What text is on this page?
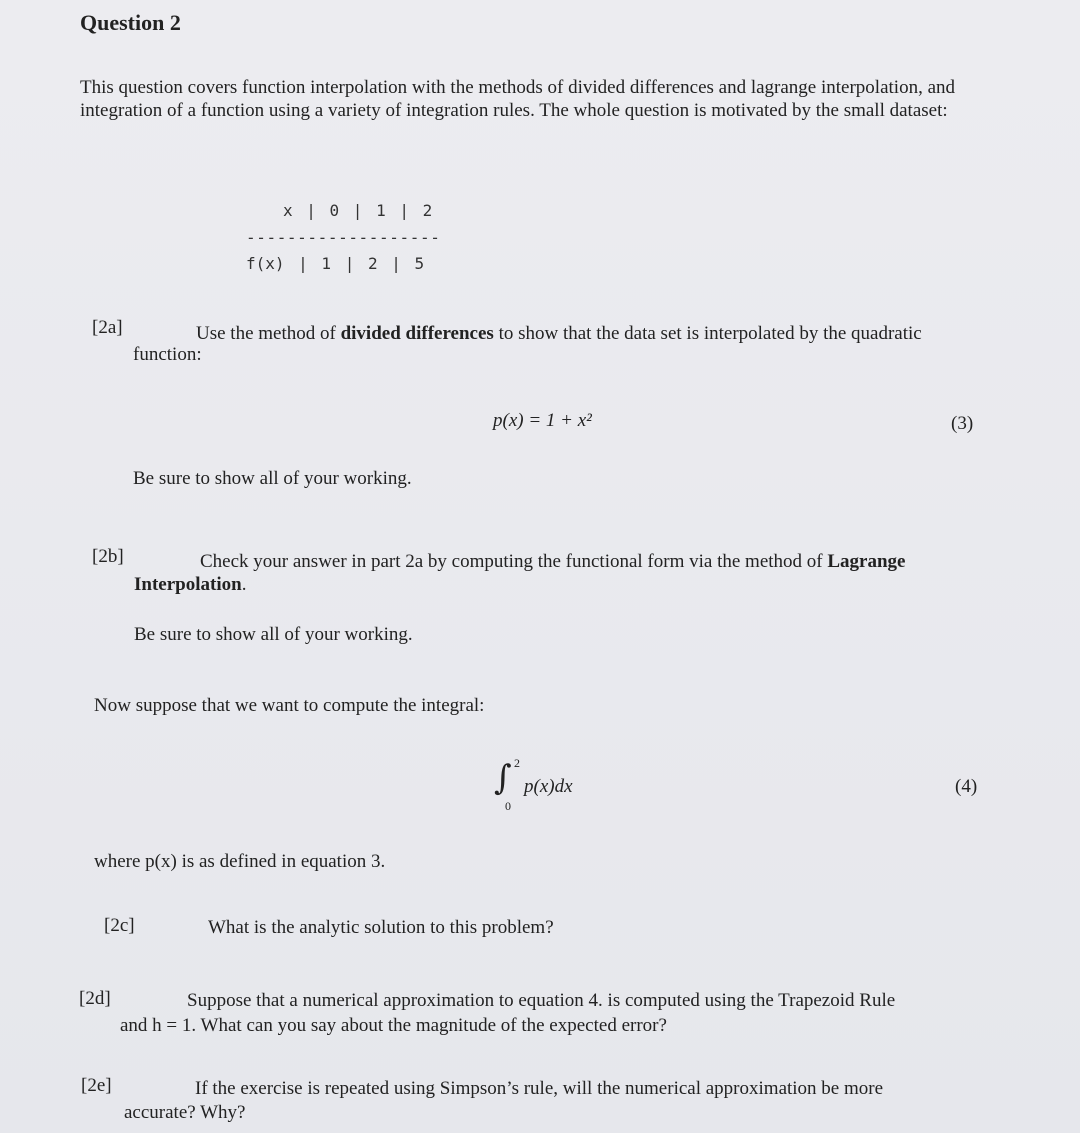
Question 2
This question covers function interpolation with the methods of divided differences and lagrange interpolation, and integration of a function using a variety of integration rules. The whole question is motivated by the small dataset:
x | 0 | 1 | 2
-------------------
f(x) | 1 | 2 | 5
[2a]	Use the method of divided differences to show that the data set is interpolated by the quadratic
function:
p(x) = 1 + x²	(3)
Be sure to show all of your working.
[2b]	Check your answer in part 2a by computing the functional form via the method of Lagrange
Interpolation.
Be sure to show all of your working.
Now suppose that we want to compute the integral:
∫ 2
0
p(x)dx	(4)
where p(x) is as defined in equation 3.
[2c]	What is the analytic solution to this problem?
[2d]	Suppose that a numerical approximation to equation 4. is computed using the Trapezoid Rule
and h = 1. What can you say about the magnitude of the expected error?
[2e]	If the exercise is repeated using Simpson’s rule, will the numerical approximation be more
accurate? Why?
